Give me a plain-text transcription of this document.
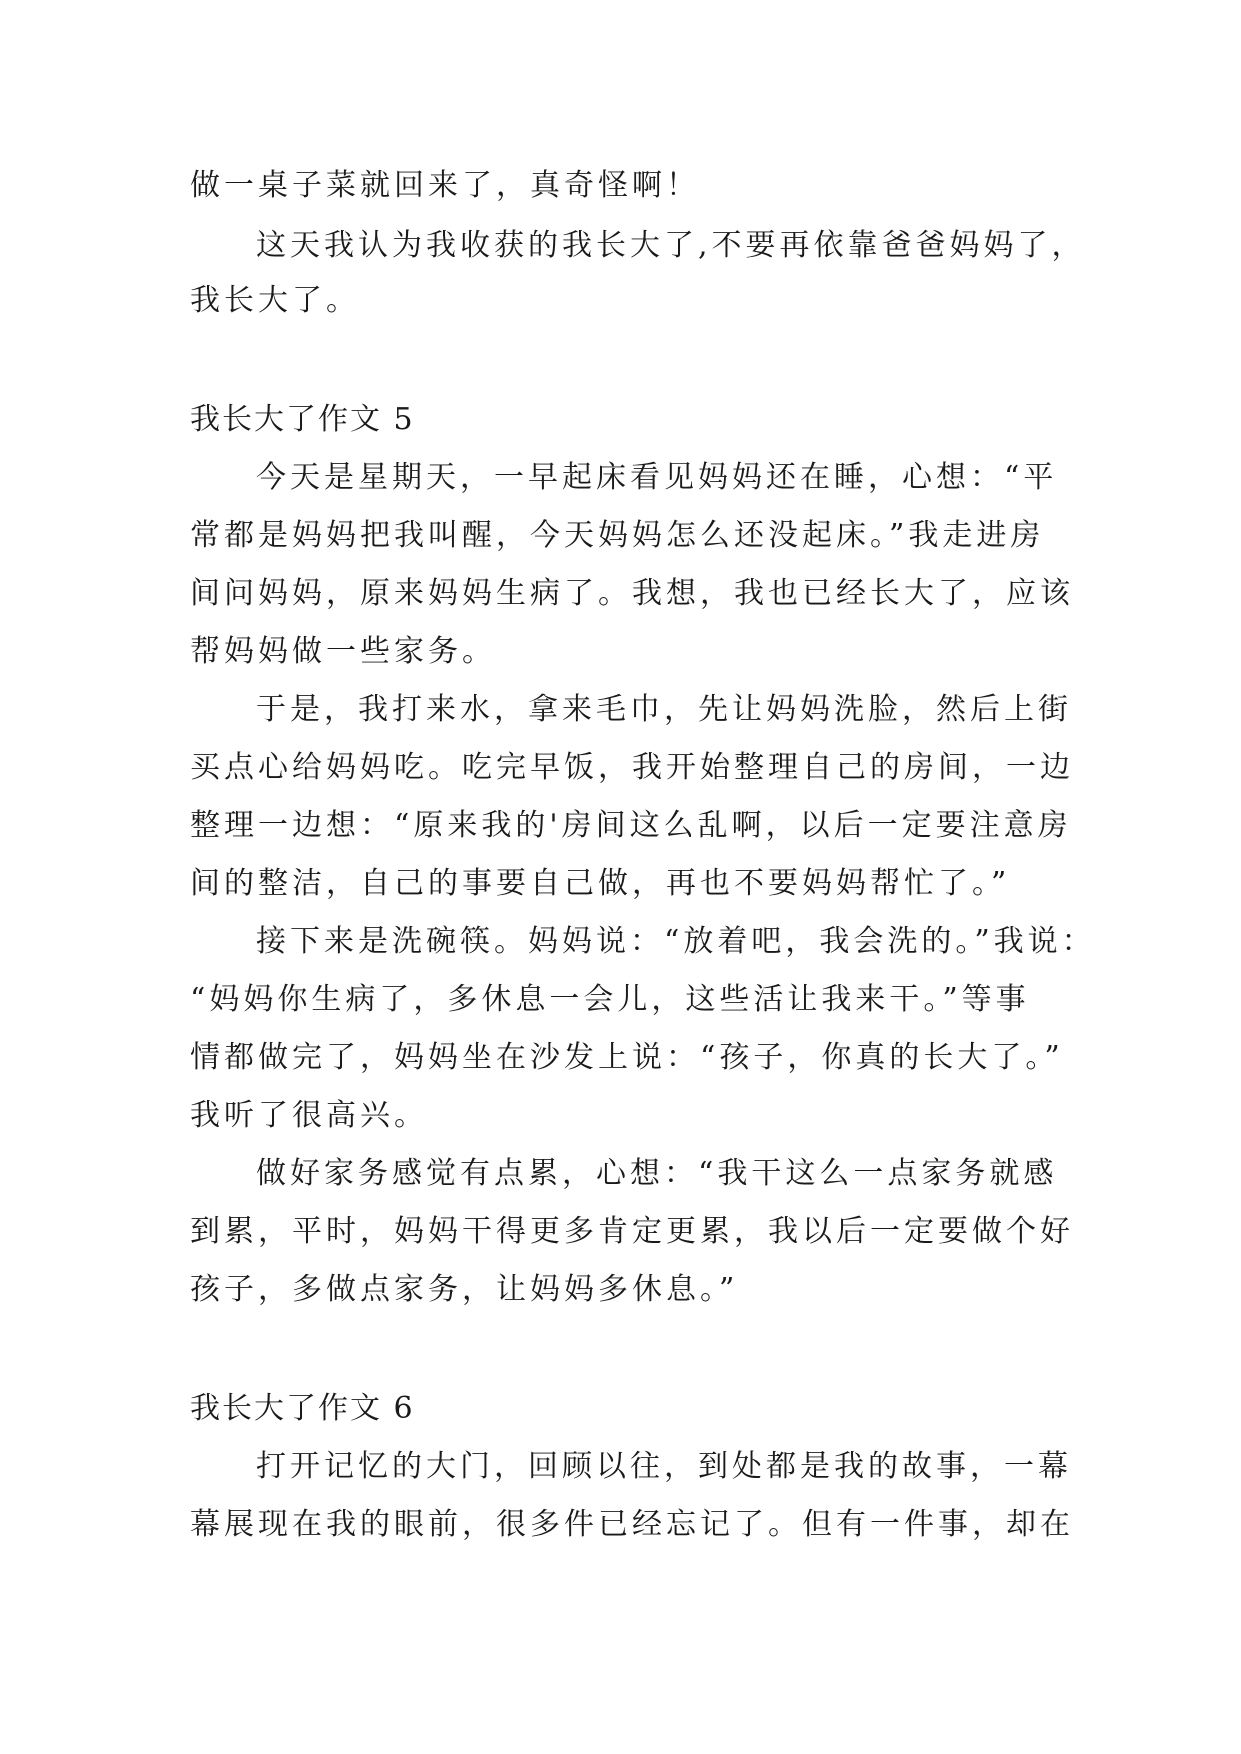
做一桌子菜就回来了，真奇怪啊！
这天我认为我收获的我长大了,不要再依靠爸爸妈妈了，
我长大了。
我长大了作文 5
今天是星期天，一早起床看见妈妈还在睡，心想：“平
常都是妈妈把我叫醒，今天妈妈怎么还没起床。”我走进房
间问妈妈，原来妈妈生病了。我想，我也已经长大了，应该
帮妈妈做一些家务。
于是，我打来水，拿来毛巾，先让妈妈洗脸，然后上街
买点心给妈妈吃。吃完早饭，我开始整理自己的房间，一边
整理一边想：“原来我的'房间这么乱啊，以后一定要注意房
间的整洁，自己的事要自己做，再也不要妈妈帮忙了。”
接下来是洗碗筷。妈妈说：“放着吧，我会洗的。”我说：
“妈妈你生病了，多休息一会儿，这些活让我来干。”等事
情都做完了，妈妈坐在沙发上说：“孩子，你真的长大了。”
我听了很高兴。
做好家务感觉有点累，心想：“我干这么一点家务就感
到累，平时，妈妈干得更多肯定更累，我以后一定要做个好
孩子，多做点家务，让妈妈多休息。”
我长大了作文 6
打开记忆的大门，回顾以往，到处都是我的故事，一幕
幕展现在我的眼前，很多件已经忘记了。但有一件事，却在
